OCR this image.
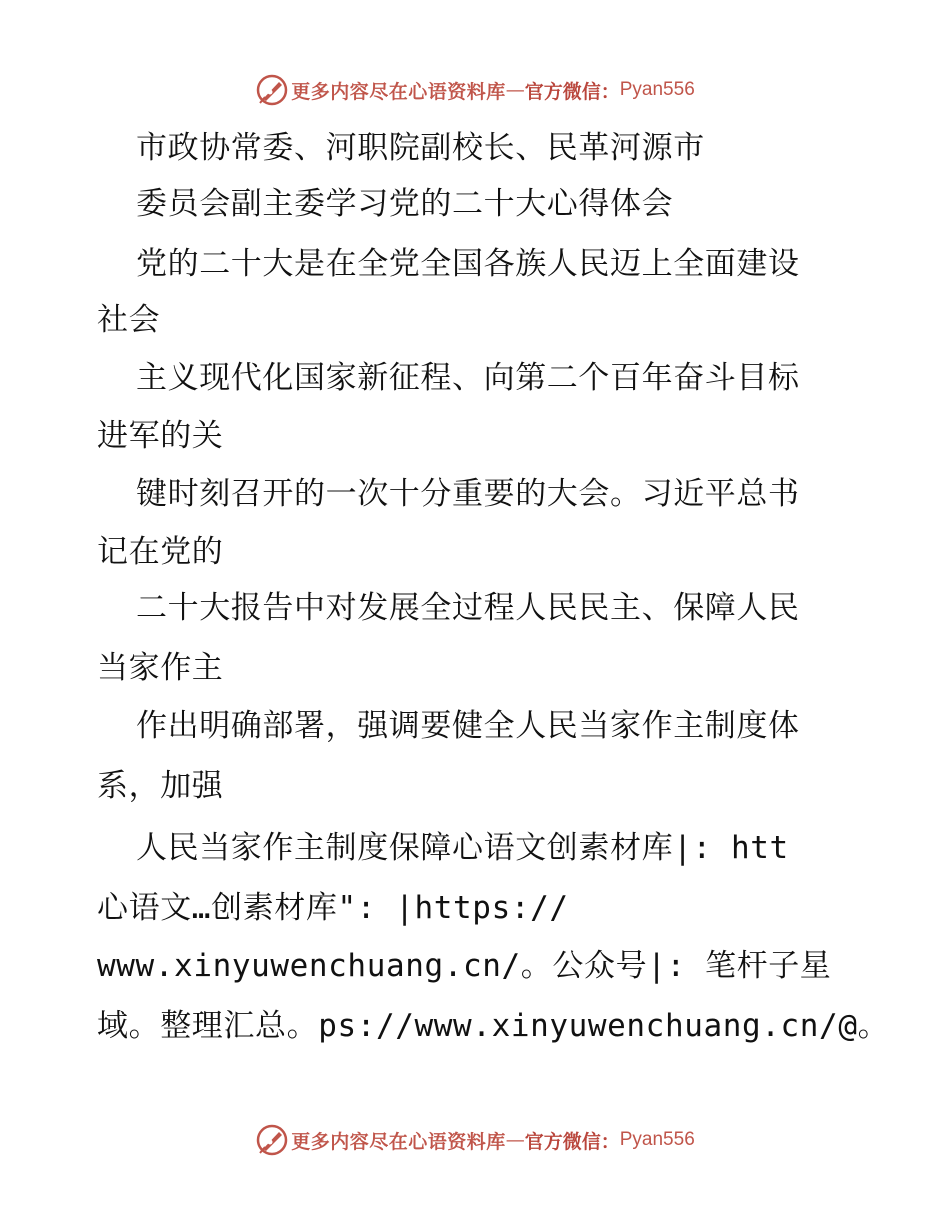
更多内容尽在心语资料库 — 官方微信： Pyan556
市政协常委、河职院副校长、民革河源市
委员会副主委学习党的二十大心得体会
党的二十大是在全党全国各族人民迈上全面建设
社会
主义现代化国家新征程、向第二个百年奋斗目标
进军的关
键时刻召开的一次十分重要的大会。习近平总书
记在党的
二十大报告中对发展全过程人民民主、保障人民
当家作主
作出明确部署，强调要健全人民当家作主制度体
系，加强
人民当家作主制度保障心语文创素材库|: htt
心语文…创素材库": |https://
www.xinyuwenchuang.cn/。公众号|: 笔杆子星
域。整理汇总。ps://www.xinyuwenchuang.cn/@。
更多内容尽在心语资料库 — 官方微信： Pyan556
